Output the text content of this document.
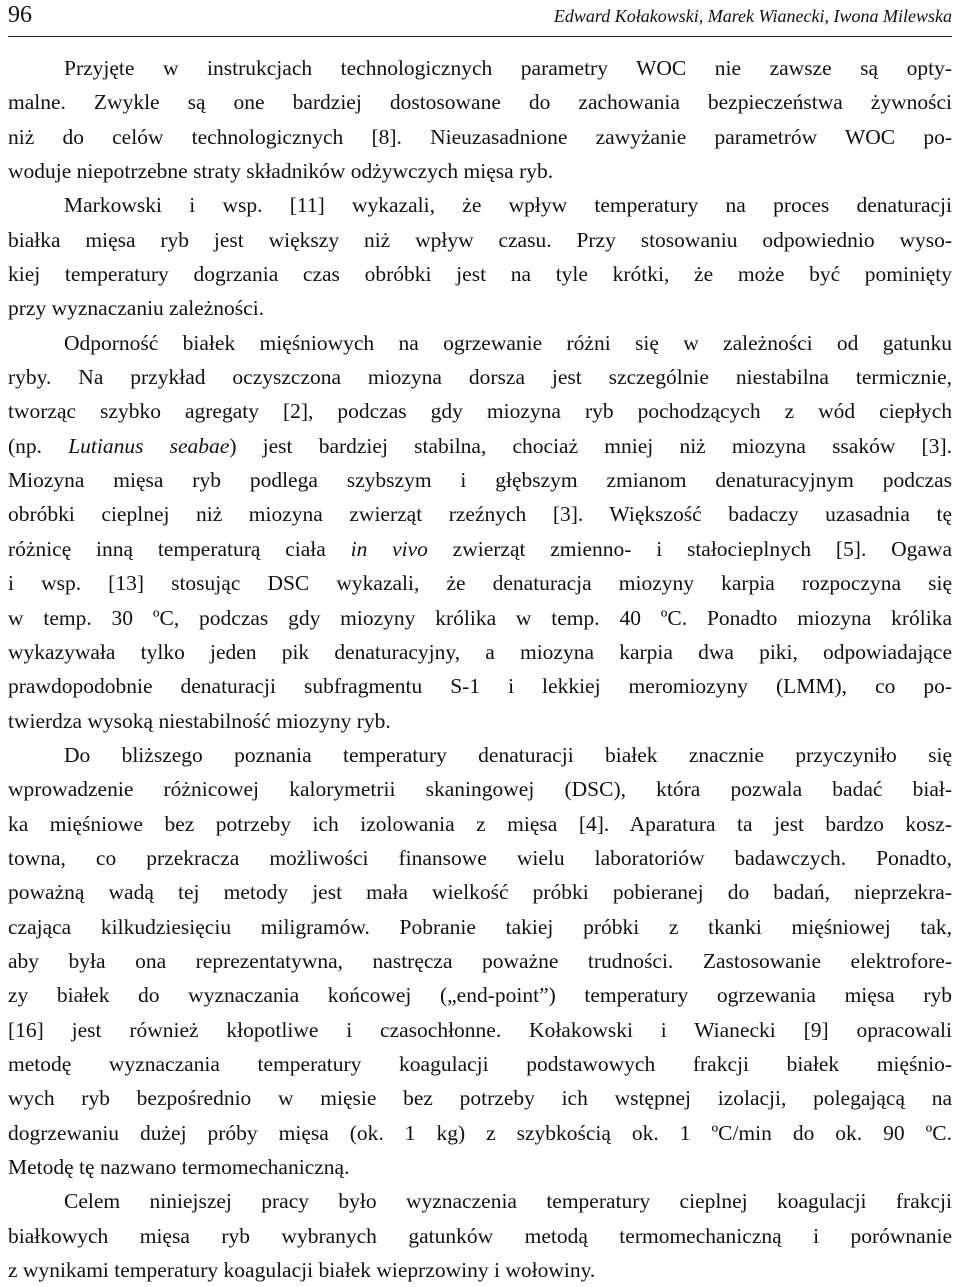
96	Edward Kołakowski, Marek Wianecki, Iwona Milewska
Przyjęte w instrukcjach technologicznych parametry WOC nie zawsze są opty-
malne. Zwykle są one bardziej dostosowane do zachowania bezpieczeństwa żywności
niż do celów technologicznych [8]. Nieuzasadnione zawyżanie parametrów WOC po-
woduje niepotrzebne straty składników odżywczych mięsa ryb.
Markowski i wsp. [11] wykazali, że wpływ temperatury na proces denaturacji
białka mięsa ryb jest większy niż wpływ czasu. Przy stosowaniu odpowiednio wyso-
kiej temperatury dogrzania czas obróbki jest na tyle krótki, że może być pominięty
przy wyznaczaniu zależności.
Odporność białek mięśniowych na ogrzewanie różni się w zależności od gatunku
ryby. Na przykład oczyszczona miozyna dorsza jest szczególnie niestabilna termicznie,
tworząc szybko agregaty [2], podczas gdy miozyna ryb pochodzących z wód ciepłych
(np. Lutianus seabae) jest bardziej stabilna, chociaż mniej niż miozyna ssaków [3].
Miozyna mięsa ryb podlega szybszym i głębszym zmianom denaturacyjnym podczas
obróbki cieplnej niż miozyna zwierząt rzeźnych [3]. Większość badaczy uzasadnia tę
różnicę inną temperaturą ciała in vivo zwierząt zmienno- i stałocieplnych [5]. Ogawa
i wsp. [13] stosując DSC wykazali, że denaturacja miozyny karpia rozpoczyna się
w temp. 30 ºC, podczas gdy miozyny królika w temp. 40 ºC. Ponadto miozyna królika
wykazywała tylko jeden pik denaturacyjny, a miozyna karpia dwa piki, odpowiadające
prawdopodobnie denaturacji subfragmentu S-1 i lekkiej meromiozyny (LMM), co po-
twierdza wysoką niestabilność miozyny ryb.
Do bliższego poznania temperatury denaturacji białek znacznie przyczyniło się
wprowadzenie różnicowej kalorymetrii skaningowej (DSC), która pozwala badać biał-
ka mięśniowe bez potrzeby ich izolowania z mięsa [4]. Aparatura ta jest bardzo kosz-
towna, co przekracza możliwości finansowe wielu laboratoriów badawczych. Ponadto,
poważną wadą tej metody jest mała wielkość próbki pobieranej do badań, nieprzekra-
czająca kilkudziesięciu miligramów. Pobranie takiej próbki z tkanki mięśniowej tak,
aby była ona reprezentatywna, nastręcza poważne trudności. Zastosowanie elektrofore-
zy białek do wyznaczania końcowej („end-point”) temperatury ogrzewania mięsa ryb
[16] jest również kłopotliwe i czasochłonne. Kołakowski i Wianecki [9] opracowali
metodę wyznaczania temperatury koagulacji podstawowych frakcji białek mięśnio-
wych ryb bezpośrednio w mięsie bez potrzeby ich wstępnej izolacji, polegającą na
dogrzewaniu dużej próby mięsa (ok. 1 kg) z szybkością ok. 1 ºC/min do ok. 90 ºC.
Metodę tę nazwano termomechaniczną.
Celem niniejszej pracy było wyznaczenia temperatury cieplnej koagulacji frakcji
białkowych mięsa ryb wybranych gatunków metodą termomechaniczną i porównanie
z wynikami temperatury koagulacji białek wieprzowiny i wołowiny.
